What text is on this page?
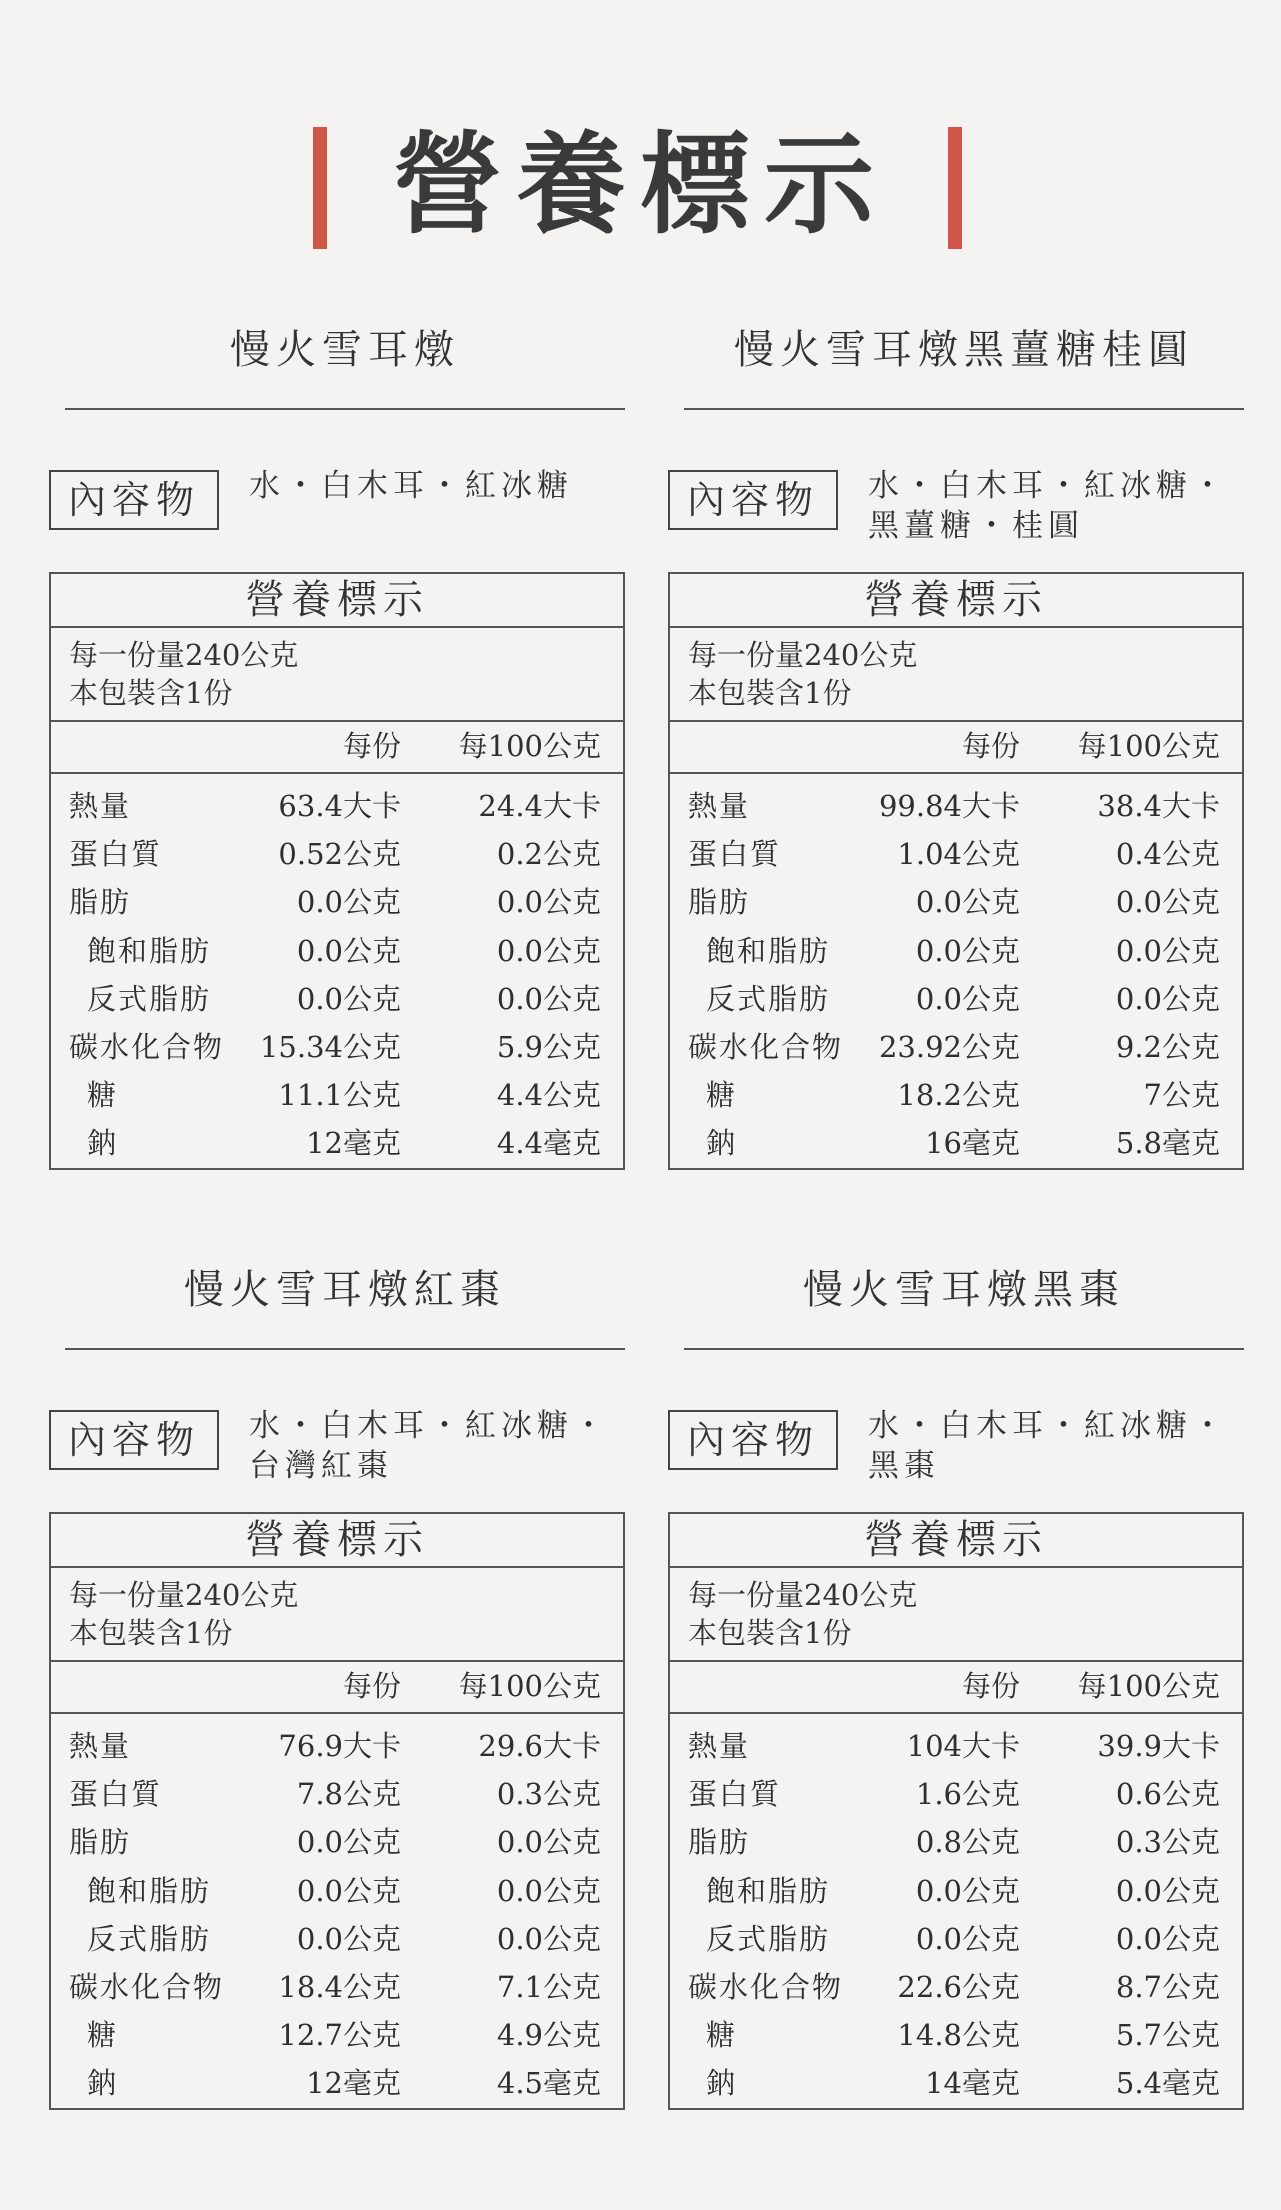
營養標示
慢火雪耳燉
內容物	水・白木耳・紅冰糖
營養標示
每一份量240公克
本包裝含1份
每份 每100公克
熱量	63.4大卡	24.4大卡
蛋白質	0.52公克	0.2公克
脂肪	0.0公克	0.0公克
飽和脂肪	0.0公克	0.0公克
反式脂肪	0.0公克	0.0公克
碳水化合物 15.34公克	5.9公克
糖	11.1公克	4.4公克
鈉	12毫克	4.4毫克
慢火雪耳燉黑薑糖桂圓
內容物	水・白木耳・紅冰糖・
黑薑糖・桂圓
營養標示
每一份量240公克
本包裝含1份
每份 每100公克
熱量	99.84大卡	38.4大卡
蛋白質	1.04公克	0.4公克
脂肪	0.0公克	0.0公克
飽和脂肪	0.0公克	0.0公克
反式脂肪	0.0公克	0.0公克
碳水化合物 23.92公克	9.2公克
糖	18.2公克	7公克
鈉	16毫克	5.8毫克
慢火雪耳燉紅棗
內容物	水・白木耳・紅冰糖・
台灣紅棗
營養標示
每一份量240公克
本包裝含1份
每份 每100公克
熱量	76.9大卡	29.6大卡
蛋白質	7.8公克	0.3公克
脂肪	0.0公克	0.0公克
飽和脂肪	0.0公克	0.0公克
反式脂肪	0.0公克	0.0公克
碳水化合物 18.4公克	7.1公克
糖	12.7公克	4.9公克
鈉	12毫克	4.5毫克
慢火雪耳燉黑棗
內容物	水・白木耳・紅冰糖・
黑棗
營養標示
每一份量240公克
本包裝含1份
每份 每100公克
熱量	104大卡	39.9大卡
蛋白質	1.6公克	0.6公克
脂肪	0.8公克	0.3公克
飽和脂肪	0.0公克	0.0公克
反式脂肪	0.0公克	0.0公克
碳水化合物 22.6公克	8.7公克
糖	14.8公克	5.7公克
鈉	14毫克	5.4毫克
